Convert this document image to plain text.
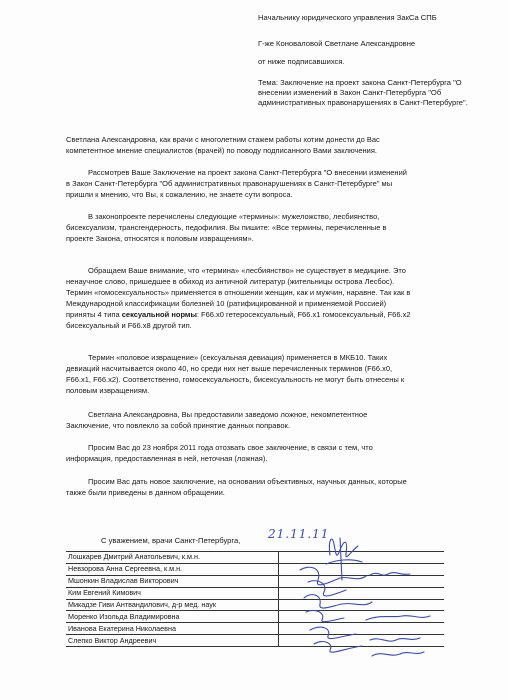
Начальнику юридического управления ЗакСа СПБ
Г-же Коноваловой Светлане Александровне
от ниже подписавшихся.
Тема: Заключение на проект закона Санкт-Петербурга "О
внесении изменений в Закон Санкт-Петербурга "Об
административных правонарушениях в Санкт-Петербурге".
Светлана Александровна, как врачи с многолетним стажем работы хотим донести до Вас
компетентное мнение специалистов (врачей) по поводу подписанного Вами заключения.
Рассмотрев Ваше Заключение на проект закона Санкт-Петербурга "О внесении изменений
в Закон Санкт-Петербурга "Об административных правонарушениях в Санкт-Петербурге" мы
пришли к мнению, что Вы, к сожалению, не знаете сути вопроса.
В законопроекте перечислены следующие «термины»: мужеложство, лесбиянство,
бисексуализм, трансгендерность, педофилия. Вы пишите: «Все термины, перечисленные в
проекте Закона, относятся к половым извращениям».
Обращаем Ваше внимание, что «термина» «лесбиянство» не существует в медицине. Это
ненаучное слово, пришедшее в обиход из античной литератур (жительницы острова Лесбос).
Термин «гомосексуальность» применяется в отношении женщин, как и мужчин, наравне. Так как в
Международной классификации болезней 10 (ратифицированной и применяемой Россией)
приняты 4 типа сексуальной нормы: F66.х0 гетеросексуальный, F66.х1 гомосексуальный, F66.х2
бисексуальный и F66.х8 другой тип.
Термин «половое извращение» (сексуальная девиация) применяется в МКБ10. Таких
девиаций насчитывается около 40, но среди них нет выше перечисленных терминов (F66.х0,
F66.х1, F66.х2). Соответственно, гомосексуальность, бисексуальность не могут быть отнесены к
половым извращениям.
Светлана Александровна, Вы предоставили заведомо ложное, некомпетентное
Заключение, что повлекло за собой принятие данных поправок.
Просим Вас до 23 ноября 2011 года отозвать свое заключение, в связи с тем, что
информация, предоставленная в ней, неточная (ложная).
Просим Вас дать новое заключение, на основании объективных, научных данных, которые
также были приведены в данном обращении.
С уважением, врачи Санкт-Петербурга, 21.11.11
Лошкарев Дмитрий Анатольевич, к.м.н.	
Невзорова Анна Сергеевна, к.м.н.	
Мшонкин Владислав Викторович	
Ким Евгений Кимович	
Микадзе Гиви Антвандилович, д-р мед. наук	
Моренко Изольда Владимировна	
Иванова Екатерина Николаевна	
Слепко Виктор Андреевич	
